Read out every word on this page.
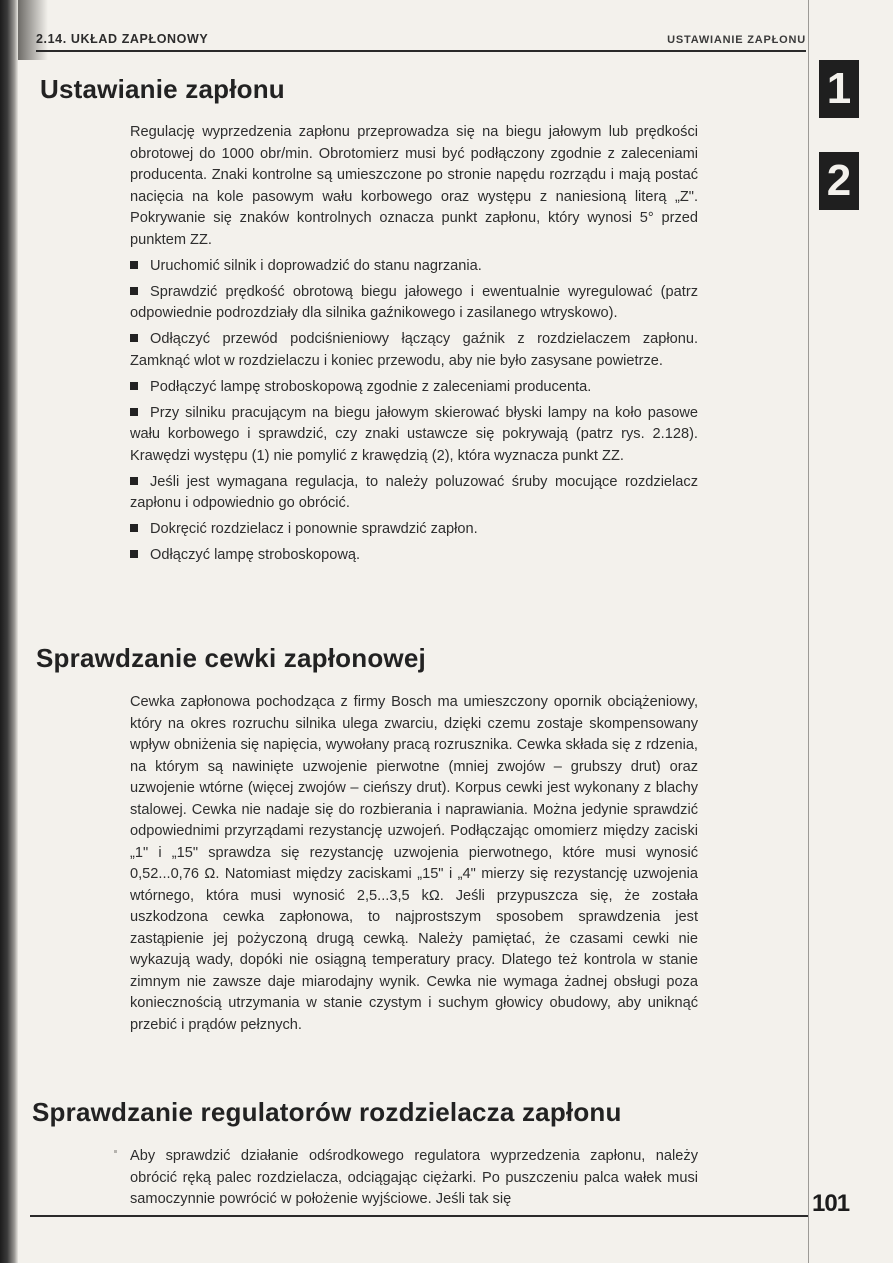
2.14. UKŁAD ZAPŁONOWY	USTAWIANIE ZAPŁONU
1
2
Ustawianie zapłonu

Regulację wyprzedzenia zapłonu przeprowadza się na biegu jałowym lub prędkości obrotowej do 1000 obr/min. Obrotomierz musi być podłączony zgodnie z zaleceniami producenta. Znaki kontrolne są umieszczone po stronie napędu rozrządu i mają postać nacięcia na kole pasowym wału korbowego oraz występu z naniesioną literą „Z". Pokrywanie się znaków kontrolnych oznacza punkt zapłonu, który wynosi 5° przed punktem ZZ.

Uruchomić silnik i doprowadzić do stanu nagrzania.

Sprawdzić prędkość obrotową biegu jałowego i ewentualnie wyregulować (patrz odpowiednie podrozdziały dla silnika gaźnikowego i zasilanego wtryskowo).

Odłączyć przewód podciśnieniowy łączący gaźnik z rozdzielaczem zapłonu. Zamknąć wlot w rozdzielaczu i koniec przewodu, aby nie było zasysane powietrze.

Podłączyć lampę stroboskopową zgodnie z zaleceniami producenta.

Przy silniku pracującym na biegu jałowym skierować błyski lampy na koło pasowe wału korbowego i sprawdzić, czy znaki ustawcze się pokrywają (patrz rys. 2.128). Krawędzi występu (1) nie pomylić z krawędzią (2), która wyznacza punkt ZZ.

Jeśli jest wymagana regulacja, to należy poluzować śruby mocujące rozdzielacz zapłonu i odpowiednio go obrócić.

Dokręcić rozdzielacz i ponownie sprawdzić zapłon.

Odłączyć lampę stroboskopową.

Sprawdzanie cewki zapłonowej

Cewka zapłonowa pochodząca z firmy Bosch ma umieszczony opornik obciążeniowy, który na okres rozruchu silnika ulega zwarciu, dzięki czemu zostaje skompensowany wpływ obniżenia się napięcia, wywołany pracą rozrusznika. Cewka składa się z rdzenia, na którym są nawinięte uzwojenie pierwotne (mniej zwojów – grubszy drut) oraz uzwojenie wtórne (więcej zwojów – cieńszy drut). Korpus cewki jest wykonany z blachy stalowej. Cewka nie nadaje się do rozbierania i naprawiania. Można jedynie sprawdzić odpowiednimi przyrządami rezystancję uzwojeń. Podłączając omomierz między zaciski „1" i „15" sprawdza się rezystancję uzwojenia pierwotnego, które musi wynosić 0,52...0,76 Ω. Natomiast między zaciskami „15" i „4" mierzy się rezystancję uzwojenia wtórnego, która musi wynosić 2,5...3,5 kΩ. Jeśli przypuszcza się, że została uszkodzona cewka zapłonowa, to najprostszym sposobem sprawdzenia jest zastąpienie jej pożyczoną drugą cewką. Należy pamiętać, że czasami cewki nie wykazują wady, dopóki nie osiągną temperatury pracy. Dlatego też kontrola w stanie zimnym nie zawsze daje miarodajny wynik. Cewka nie wymaga żadnej obsługi poza koniecznością utrzymania w stanie czystym i suchym głowicy obudowy, aby uniknąć przebić i prądów pełznych.

Sprawdzanie regulatorów rozdzielacza zapłonu

Aby sprawdzić działanie odśrodkowego regulatora wyprzedzenia zapłonu, należy obrócić ręką palec rozdzielacza, odciągając ciężarki. Po puszczeniu palca wałek musi samoczynnie powrócić w położenie wyjściowe. Jeśli tak się	101
